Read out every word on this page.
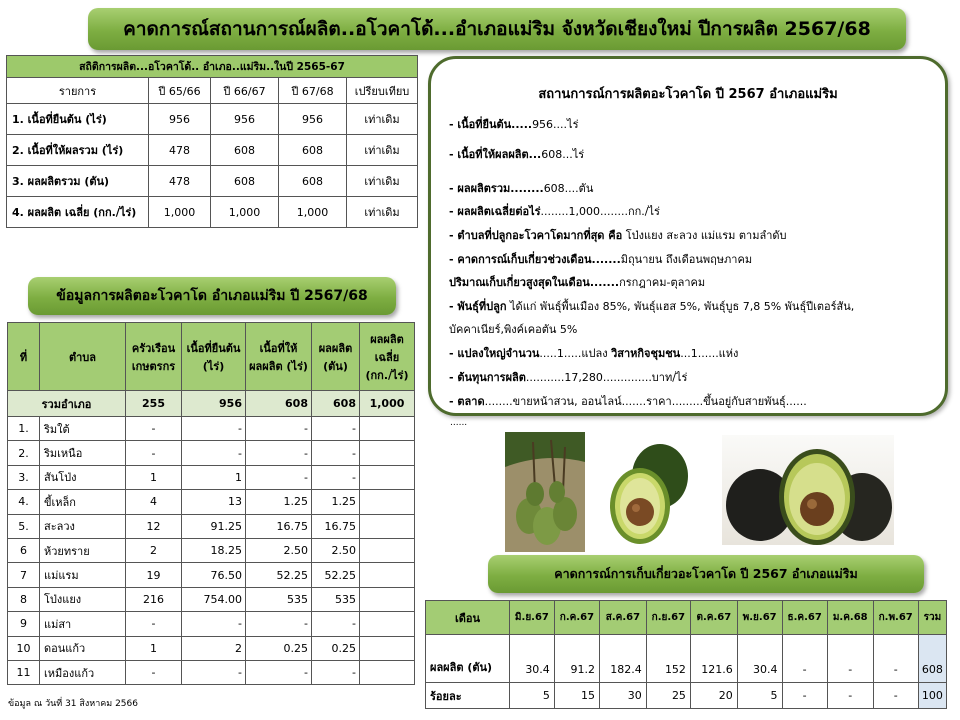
คาดการณ์สถานการณ์ผลิต..อโวคาโด้...อำเภอแม่ริม จังหวัดเชียงใหม่ ปีการผลิต 2567/68
สถิติการผลิต...อโวคาโด้.. อำเภอ..แม่ริม..ในปี 2565-67				
รายการ	ปี 65/66	ปี 66/67	ปี 67/68	เปรียบเทียบ
1. เนื้อที่ยืนต้น (ไร่)	956	956	956	เท่าเดิม
2. เนื้อที่ให้ผลรวม (ไร่)	478	608	608	เท่าเดิม
3. ผลผลิตรวม (ตัน)	478	608	608	เท่าเดิม
4. ผลผลิต เฉลี่ย (กก./ไร่)	1,000	1,000	1,000	เท่าเดิม
ข้อมูลการผลิตอะโวคาโด อำเภอแม่ริม ปี 2567/68
ที่	ตำบล	ครัวเรือนเกษตรกร	เนื้อที่ยืนต้น (ไร่)	เนื้อที่ให้ผลผลิต (ไร่)	ผลผลิต (ตัน)	ผลผลิตเฉลี่ย (กก./ไร่)
รวมอำเภอ		255	956	608	608	1,000
1.	ริมใต้	-	-	-	-	
2.	ริมเหนือ	-	-	-	-	
3.	สันโป่ง	1	1	-	-	
4.	ขี้เหล็ก	4	13	1.25	1.25	
5.	สะลวง	12	91.25	16.75	16.75	
6	ห้วยทราย	2	18.25	2.50	2.50	
7	แม่แรม	19	76.50	52.25	52.25	
8	โป่งแยง	216	754.00	535	535	
9	แม่สา	-	-	-	-	
10	ดอนแก้ว	1	2	0.25	0.25	
11	เหมืองแก้ว	-	-	-	-	
ข้อมูล ณ วันที่ 31 สิงหาคม 2566
สถานการณ์การผลิตอะโวคาโด ปี 2567 อำเภอแม่ริม
- เนื้อที่ยืนต้น.....956....ไร่
- เนื้อที่ให้ผลผลิต...608...ไร่
- ผลผลิตรวม........608....ตัน
- ผลผลิตเฉลี่ยต่อไร่........1,000........กก./ไร่
- ตำบลที่ปลูกอะโวคาโดมากที่สุด คือ โป่งแยง สะลวง แม่แรม ตามลำดับ
- คาดการณ์เก็บเกี่ยวช่วงเดือน.......มิถุนายน ถึงเดือนพฤษภาคม
ปริมาณเก็บเกี่ยวสูงสุดในเดือน.......กรกฎาคม-ตุลาคม
- พันธุ์ที่ปลูก ได้แก่ พันธุ์พื้นเมือง 85%, พันธุ์แฮส 5%, พันธุ์บูธ 7,8 5% พันธุ์ปีเตอร์สัน,
บัคคาเนียร์,พิงค์เคอตัน 5%
- แปลงใหญ่จำนวน.....1.....แปลง วิสาหกิจชุมชน...1......แห่ง
- ต้นทุนการผลิต...........17,280..............บาท/ไร่
- ตลาด........ขายหน้าสวน, ออนไลน์.......ราคา.........ขึ้นอยู่กับสายพันธุ์......
......
คาดการณ์การเก็บเกี่ยวอะโวคาโด ปี 2567 อำเภอแม่ริม
เดือน	มิ.ย.67	ก.ค.67	ส.ค.67	ก.ย.67	ต.ค.67	พ.ย.67	ธ.ค.67	ม.ค.68	ก.พ.67	รวม
ผลผลิต (ตัน)	30.4	91.2	182.4	152	121.6	30.4	-	-	-	608
ร้อยละ	5	15	30	25	20	5	-	-	-	100
